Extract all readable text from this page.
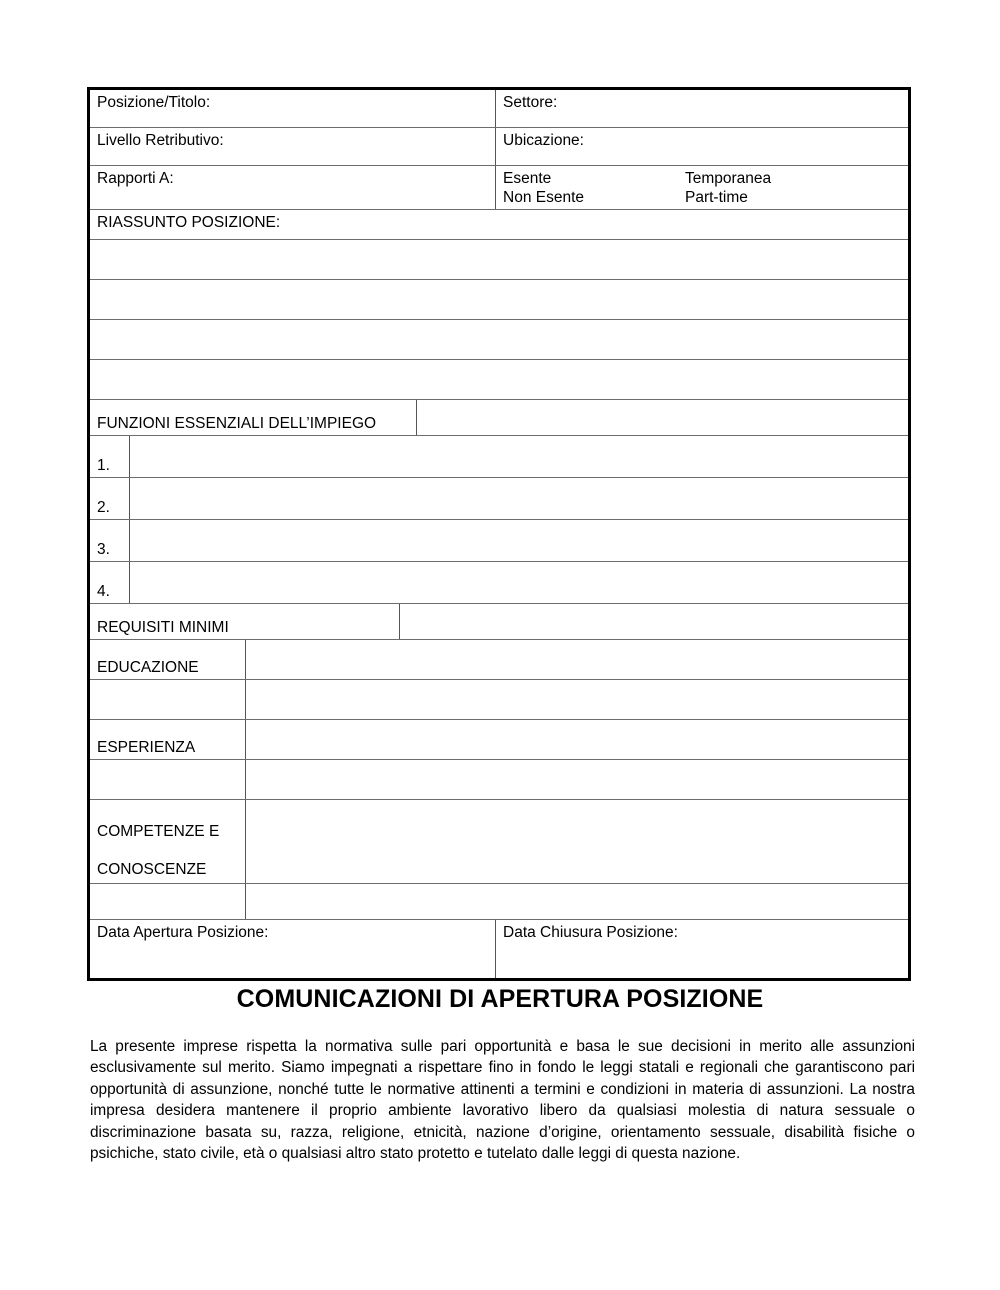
Posizione/Titolo:	Settore:
Livello Retributivo:	Ubicazione:
Rapporti A:	Esente	Temporanea
Non Esente	Part-time
RIASSUNTO POSIZIONE:
FUNZIONI ESSENZIALI DELL’IMPIEGO
1.
2.
3.
4.
REQUISITI MINIMI
EDUCAZIONE
ESPERIENZA
COMPETENZE E
CONOSCENZE
Data Apertura Posizione:	Data Chiusura Posizione:
COMUNICAZIONI DI APERTURA POSIZIONE
La presente imprese rispetta la normativa sulle pari opportunità e basa le sue decisioni in merito alle assunzioni esclusivamente sul merito. Siamo impegnati a rispettare fino in fondo le leggi statali e regionali che garantiscono pari opportunità di assunzione, nonché tutte le normative attinenti a termini e condizioni in materia di assunzioni. La nostra impresa desidera mantenere il proprio ambiente lavorativo libero da qualsiasi molestia di natura sessuale o discriminazione basata su, razza, religione, etnicità, nazione d’origine, orientamento sessuale, disabilità fisiche o psichiche, stato civile, età o qualsiasi altro stato protetto e tutelato dalle leggi di questa nazione.
